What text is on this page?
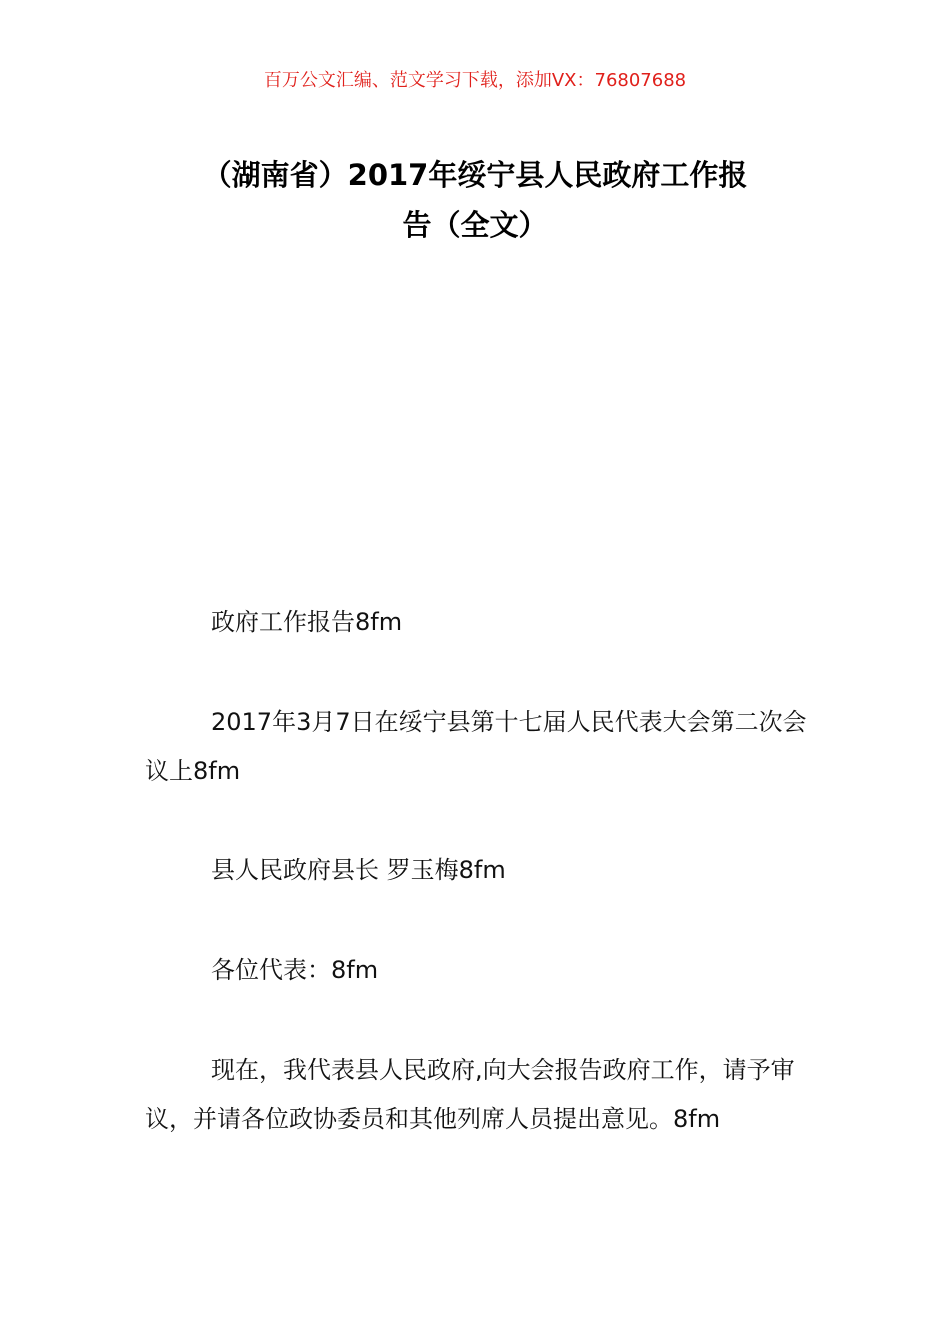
百万公文汇编、范文学习下载，添加VX：76807688
（湖南省）2017年绥宁县人民政府工作报
告（全文）
政府工作报告8fm
2017年3月7日在绥宁县第十七届人民代表大会第二次会议上8fm
县人民政府县长 罗玉梅8fm
各位代表：8fm
现在，我代表县人民政府,向大会报告政府工作，请予审议，并请各位政协委员和其他列席人员提出意见。8fm
